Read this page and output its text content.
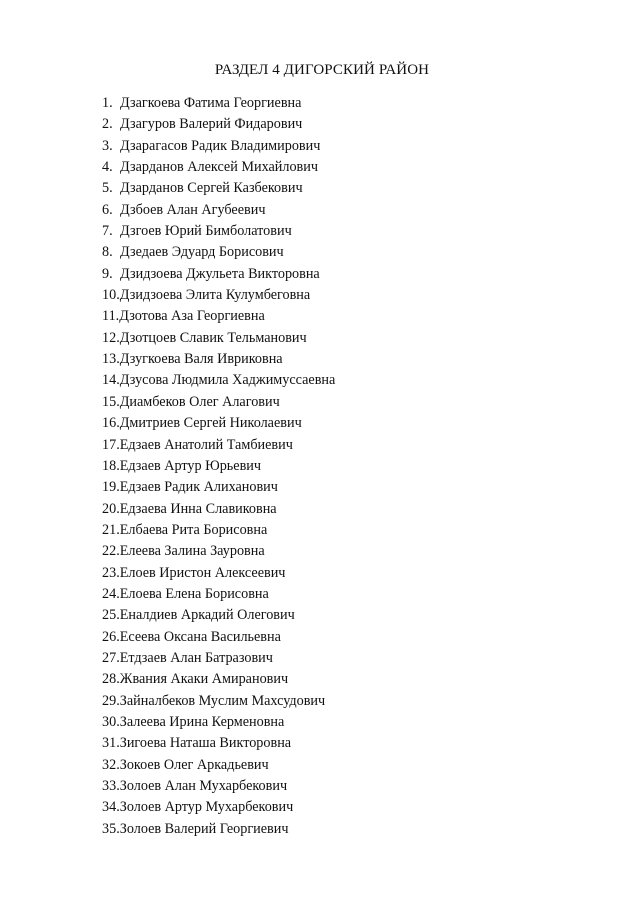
РАЗДЕЛ 4 ДИГОРСКИЙ РАЙОН
1. Дзагкоева Фатима Георгиевна
2. Дзагуров Валерий Фидарович
3. Дзарагасов Радик Владимирович
4. Дзарданов Алексей Михайлович
5. Дзарданов Сергей Казбекович
6. Дзбоев Алан Агубеевич
7. Дзгоев Юрий Бимболатович
8. Дзедаев Эдуард Борисович
9. Дзидзоева Джульета Викторовна
10. Дзидзоева Элита Кулумбеговна
11. Дзотова Аза Георгиевна
12. Дзотцоев Славик Тельманович
13. Дзугкоева Валя Ивриковна
14. Дзусова Людмила Хаджимуссаевна
15. Диамбеков Олег Алагович
16. Дмитриев Сергей Николаевич
17. Едзаев Анатолий Тамбиевич
18. Едзаев Артур Юрьевич
19. Едзаев Радик Алиханович
20. Едзаева Инна Славиковна
21. Елбаева Рита Борисовна
22. Елеева Залина Зауровна
23. Елоев Иристон Алексеевич
24. Елоева Елена Борисовна
25. Еналдиев Аркадий Олегович
26. Есеева Оксана Васильевна
27. Етдзаев Алан Батразович
28. Жвания Акаки Амиранович
29. Зайналбеков Муслим Махсудович
30. Залеева Ирина Керменовна
31. Зигоева Наташа Викторовна
32. Зокоев Олег Аркадьевич
33. Золоев Алан Мухарбекович
34. Золоев Артур Мухарбекович
35. Золоев Валерий Георгиевич
